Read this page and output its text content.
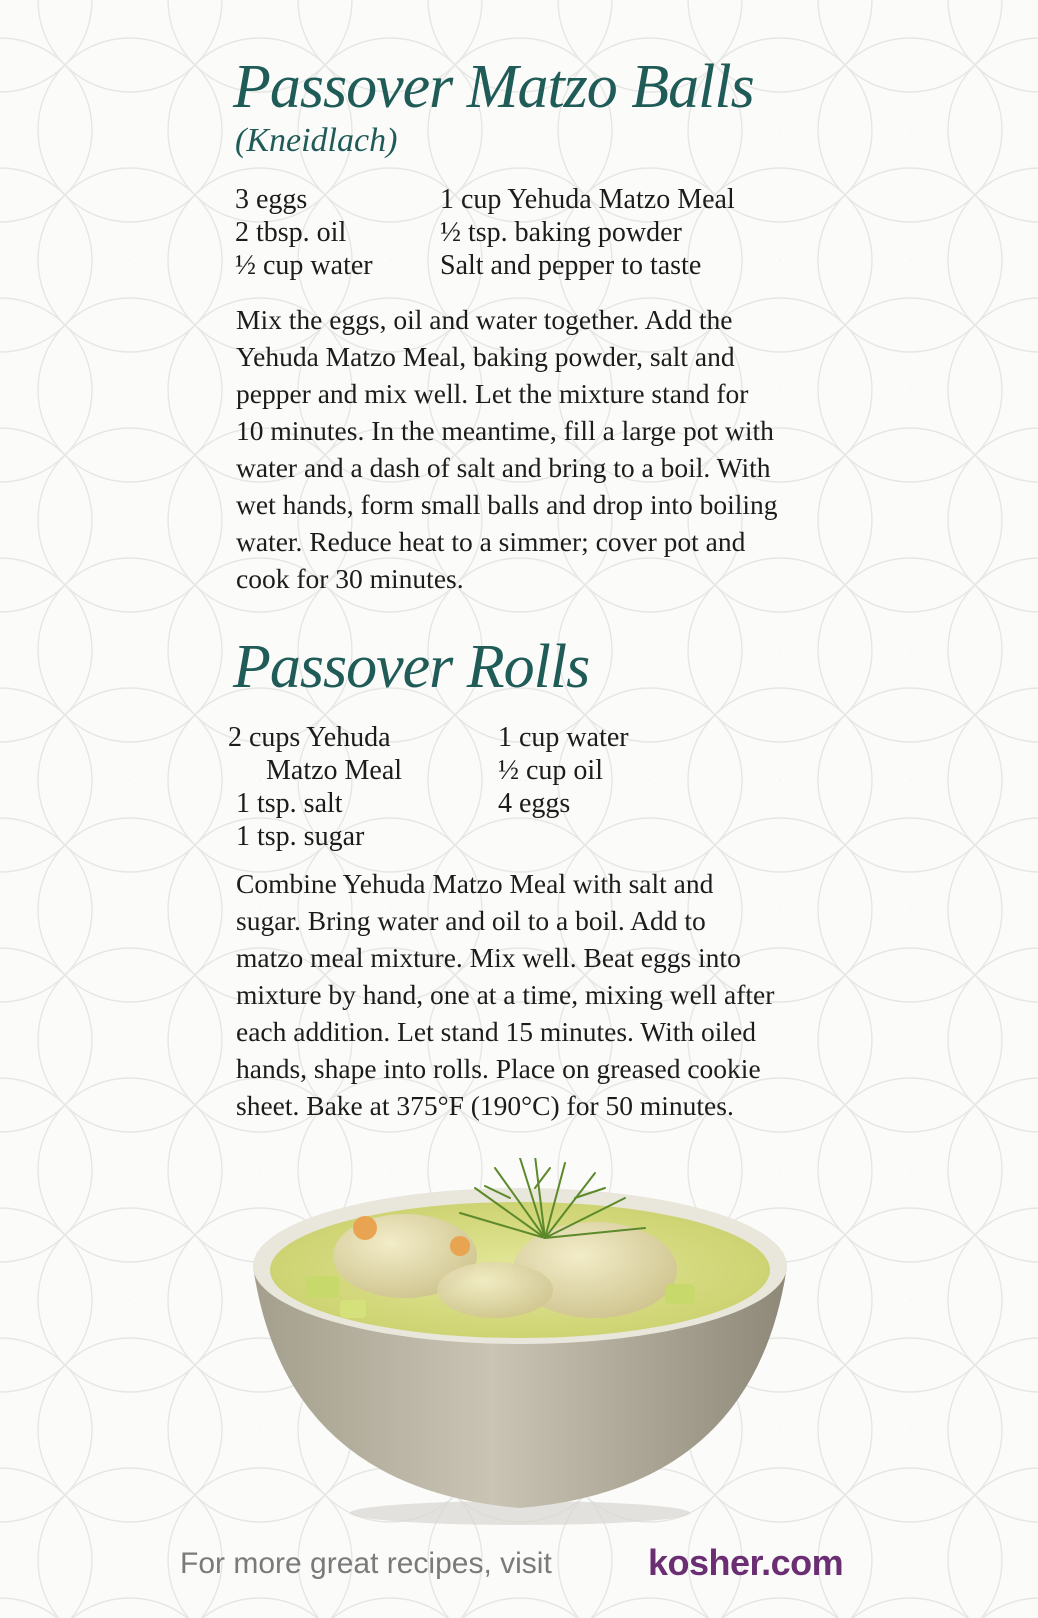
Passover Matzo Balls
(Kneidlach)
3 eggs
2 tbsp. oil
½ cup water
1 cup Yehuda Matzo Meal
½ tsp. baking powder
Salt and pepper to taste
Mix the eggs, oil and water together. Add the
Yehuda Matzo Meal, baking powder, salt and
pepper and mix well. Let the mixture stand for
10 minutes. In the meantime, fill a large pot with
water and a dash of salt and bring to a boil. With
wet hands, form small balls and drop into boiling
water. Reduce heat to a simmer; cover pot and
cook for 30 minutes.
Passover Rolls
2 cups Yehuda
Matzo Meal
1 tsp. salt
1 tsp. sugar
1 cup water
½ cup oil
4 eggs
Combine Yehuda Matzo Meal with salt and
sugar. Bring water and oil to a boil. Add to
matzo meal mixture. Mix well. Beat eggs into
mixture by hand, one at a time, mixing well after
each addition. Let stand 15 minutes. With oiled
hands, shape into rolls. Place on greased cookie
sheet. Bake at 375°F (190°C) for 50 minutes.
For more great recipes, visit	kosher.com
